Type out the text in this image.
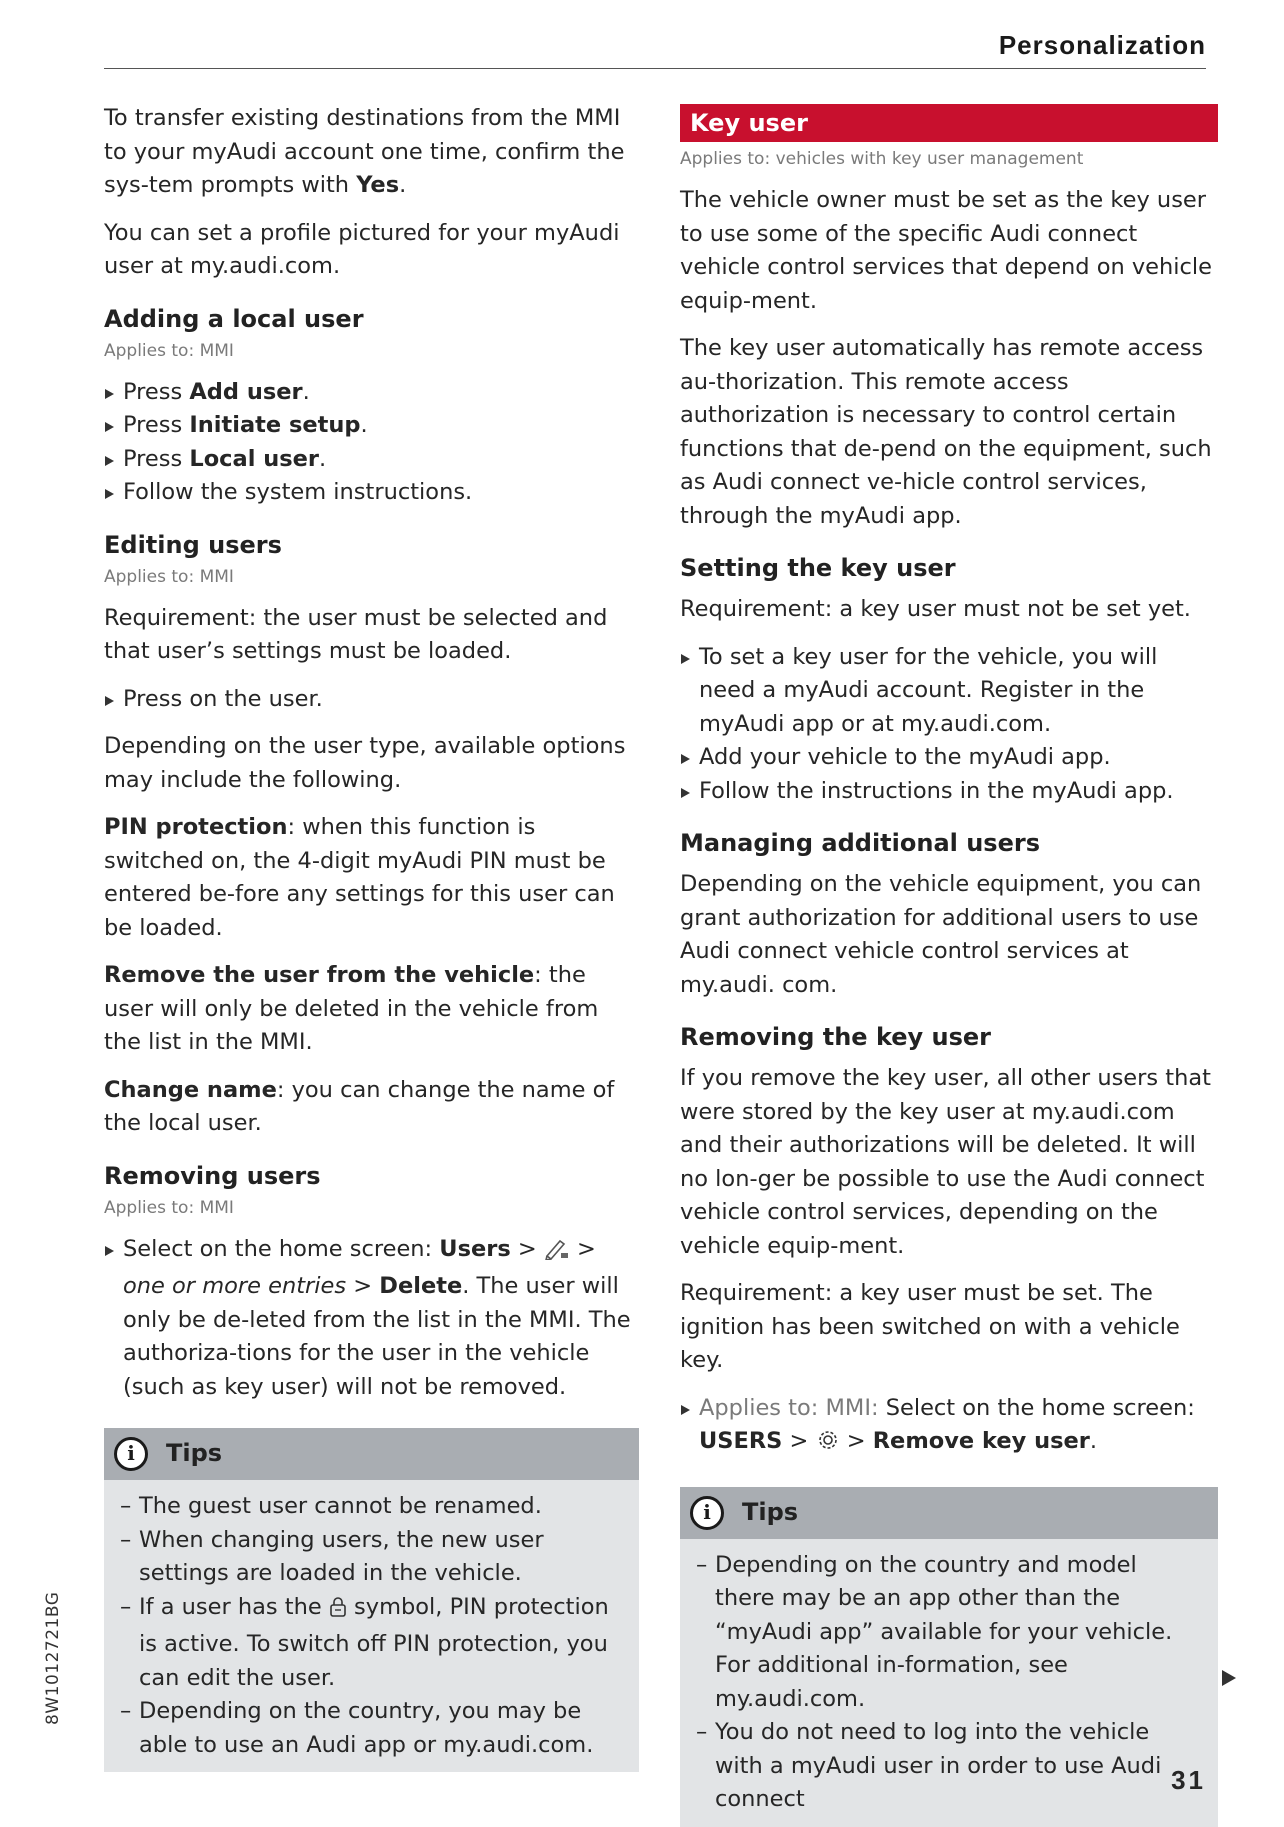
Personalization

To transfer existing destinations from the MMI to your myAudi account one time, confirm the sys-tem prompts with Yes.

You can set a profile pictured for your myAudi user at my.audi.com.

Adding a local user
Applies to: MMI
Press Add user.
Press Initiate setup.
Press Local user.
Follow the system instructions.
Editing users
Applies to: MMI

Requirement: the user must be selected and that user’s settings must be loaded.

Press on the user.

Depending on the user type, available options may include the following.

PIN protection: when this function is switched on, the 4-digit myAudi PIN must be entered be-fore any settings for this user can be loaded.

Remove the user from the vehicle: the user will only be deleted in the vehicle from the list in the MMI.

Change name: you can change the name of the local user.

Removing users
Applies to: MMI
Select on the home screen: Users >  > one or more entries > Delete. The user will only be de-leted from the list in the MMI. The authoriza-tions for the user in the vehicle (such as key user) will not be removed.
i	Tips

– The guest user cannot be renamed.

– When changing users, the new user settings are loaded in the vehicle.

– If a user has the  symbol, PIN protection is active. To switch off PIN protection, you can edit the user.

– Depending on the country, you may be able to use an Audi app or my.audi.com.

Key user
Applies to: vehicles with key user management

The vehicle owner must be set as the key user to use some of the specific Audi connect vehicle control services that depend on vehicle equip-ment.

The key user automatically has remote access au-thorization. This remote access authorization is necessary to control certain functions that de-pend on the equipment, such as Audi connect ve-hicle control services, through the myAudi app.

Setting the key user

Requirement: a key user must not be set yet.

To set a key user for the vehicle, you will need a myAudi account. Register in the myAudi app or at my.audi.com.
Add your vehicle to the myAudi app.
Follow the instructions in the myAudi app.
Managing additional users

Depending on the vehicle equipment, you can grant authorization for additional users to use Audi connect vehicle control services at my.audi. com.

Removing the key user

If you remove the key user, all other users that were stored by the key user at my.audi.com and their authorizations will be deleted. It will no lon-ger be possible to use the Audi connect vehicle control services, depending on the vehicle equip-ment.

Requirement: a key user must be set. The ignition has been switched on with a vehicle key.

Applies to: MMI: Select on the home screen: USERS >  > Remove key user.
i	Tips

– Depending on the country and model there may be an app other than the “myAudi app” available for your vehicle. For additional in-formation, see my.audi.com.

– You do not need to log into the vehicle with a myAudi user in order to use Audi connect

8W1012721BG
31
